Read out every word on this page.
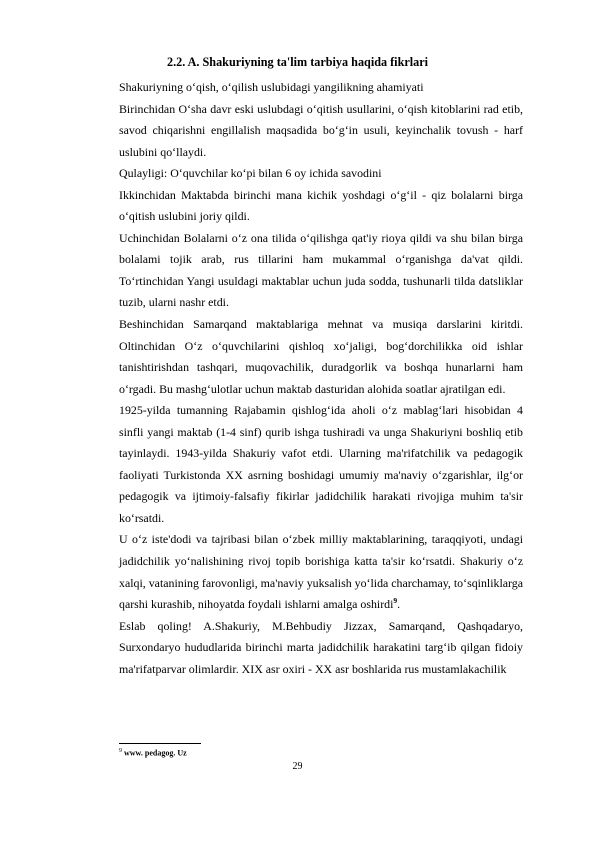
2.2. A. Shakuriyning ta'lim tarbiya haqida fikrlari

Shakuriyning o‘qish, o‘qilish uslubidagi yangilikning ahamiyati

Birinchidan O‘sha davr eski uslubdagi o‘qitish usullarini, o‘qish kitoblarini rad etib, savod chiqarishni engillalish maqsadida bo‘g‘in usuli, keyinchalik tovush - harf uslubini qo‘llaydi.

Qulayligi: O‘quvchilar ko‘pi bilan 6 oy ichida savodini

Ikkinchidan Maktabda birinchi mana kichik yoshdagi o‘g‘il - qiz bolalarni birga o‘qitish uslubini joriy qildi.

Uchinchidan Bolalarni o‘z ona tilida o‘qilishga qat'iy rioya qildi va shu bilan birga bolalami tojik arab, rus tillarini ham mukammal o‘rganishga da'vat qildi. To‘rtinchidan Yangi usuldagi maktablar uchun juda sodda, tushunarli tilda datsliklar tuzib, ularni nashr etdi.

Beshinchidan Samarqand maktablariga mehnat va musiqa darslarini kiritdi. Oltinchidan O‘z o‘quvchilarini qishloq xo‘jaligi, bog‘dorchilikka oid ishlar tanishtirishdan tashqari, muqovachilik, duradgorlik va boshqa hunarlarni ham o‘rgadi. Bu mashg‘ulotlar uchun maktab dasturidan alohida soatlar ajratilgan edi.

1925-yilda tumanning Rajabamin qishlog‘ida aholi o‘z mablag‘lari hisobidan 4 sinfli yangi maktab (1-4 sinf) qurib ishga tushiradi va unga Shakuriyni boshliq etib tayinlaydi. 1943-yilda Shakuriy vafot etdi. Ularning ma'rifatchilik va pedagogik faoliyati Turkistonda XX asrning boshidagi umumiy ma'naviy o‘zgarishlar, ilg‘or pedagogik va ijtimoiy-falsafiy fikirlar jadidchilik harakati rivojiga muhim ta'sir ko‘rsatdi.

U o‘z iste'dodi va tajribasi bilan o‘zbek milliy maktablarining, taraqqiyoti, undagi jadidchilik yo‘nalishining rivoj topib borishiga katta ta'sir ko‘rsatdi. Shakuriy o‘z xalqi, vatanining farovonligi, ma'naviy yuksalish yo‘lida charchamay, to‘sqinliklarga qarshi kurashib, nihoyatda foydali ishlarni amalga oshirdi$^9$.

Eslab qoling! A.Shakuriy, M.Behbudiy Jizzax, Samarqand, Qashqadaryo, Surxondaryo hududlarida birinchi marta jadidchilik harakatini targ‘ib qilgan fidoiy ma'rifatparvar olimlardir. XIX asr oxiri - XX asr boshlarida rus mustamlakachilik

$^9$ www. pedagog. Uz
29
